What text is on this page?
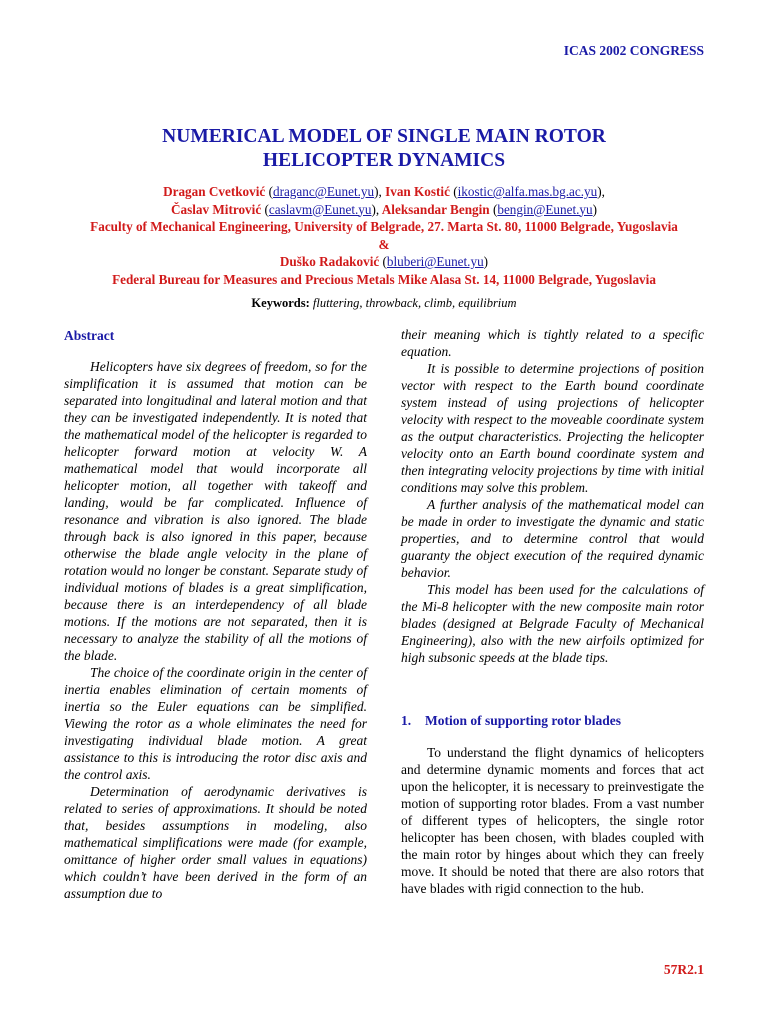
ICAS 2002 CONGRESS
NUMERICAL MODEL OF SINGLE MAIN ROTOR
HELICOPTER DYNAMICS
Dragan Cvetković (draganc@Eunet.yu), Ivan Kostić (ikostic@alfa.mas.bg.ac.yu),
Časlav Mitrović (caslavm@Eunet.yu), Aleksandar Bengin (bengin@Eunet.yu)
Faculty of Mechanical Engineering, University of Belgrade, 27. Marta St. 80, 11000 Belgrade, Yugoslavia
&
Duško Radaković (bluberi@Eunet.yu)
Federal Bureau for Measures and Precious Metals Mike Alasa St. 14, 11000 Belgrade, Yugoslavia
Keywords: fluttering, throwback, climb, equilibrium
Abstract

Helicopters have six degrees of freedom, so for the simplification it is assumed that motion can be separated into longitudinal and lateral motion and that they can be investigated independently. It is noted that the mathematical model of the helicopter is regarded to helicopter forward motion at velocity W. A mathematical model that would incorporate all helicopter motion, all together with takeoff and landing, would be far complicated. Influence of resonance and vibration is also ignored. The blade through back is also ignored in this paper, because otherwise the blade angle velocity in the plane of rotation would no longer be constant. Separate study of individual motions of blades is a great simplification, because there is an interdependency of all blade motions. If the motions are not separated, then it is necessary to analyze the stability of all the motions of the blade.

The choice of the coordinate origin in the center of inertia enables elimination of certain moments of inertia so the Euler equations can be simplified. Viewing the rotor as a whole eliminates the need for investigating individual blade motion. A great assistance to this is introducing the rotor disc axis and the control axis.

Determination of aerodynamic derivatives is related to series of approximations. It should be noted that, besides assumptions in modeling, also mathematical simplifications were made (for example, omittance of higher order small values in equations) which couldn’t have been derived in the form of an assumption due to

their meaning which is tightly related to a specific equation.

It is possible to determine projections of position vector with respect to the Earth bound coordinate system instead of using projections of helicopter velocity with respect to the moveable coordinate system as the output characteristics. Projecting the helicopter velocity onto an Earth bound coordinate system and then integrating velocity projections by time with initial conditions may solve this problem.

A further analysis of the mathematical model can be made in order to investigate the dynamic and static properties, and to determine control that would guaranty the object execution of the required dynamic behavior.

This model has been used for the calculations of the Mi-8 helicopter with the new composite main rotor blades (designed at Belgrade Faculty of Mechanical Engineering), also with the new airfoils optimized for high subsonic speeds at the blade tips.

1. Motion of supporting rotor blades

To understand the flight dynamics of helicopters and determine dynamic moments and forces that act upon the helicopter, it is necessary to preinvestigate the motion of supporting rotor blades. From a vast number of different types of helicopters, the single rotor helicopter has been chosen, with blades coupled with the main rotor by hinges about which they can freely move. It should be noted that there are also rotors that have blades with rigid connection to the hub.

57R2.1
